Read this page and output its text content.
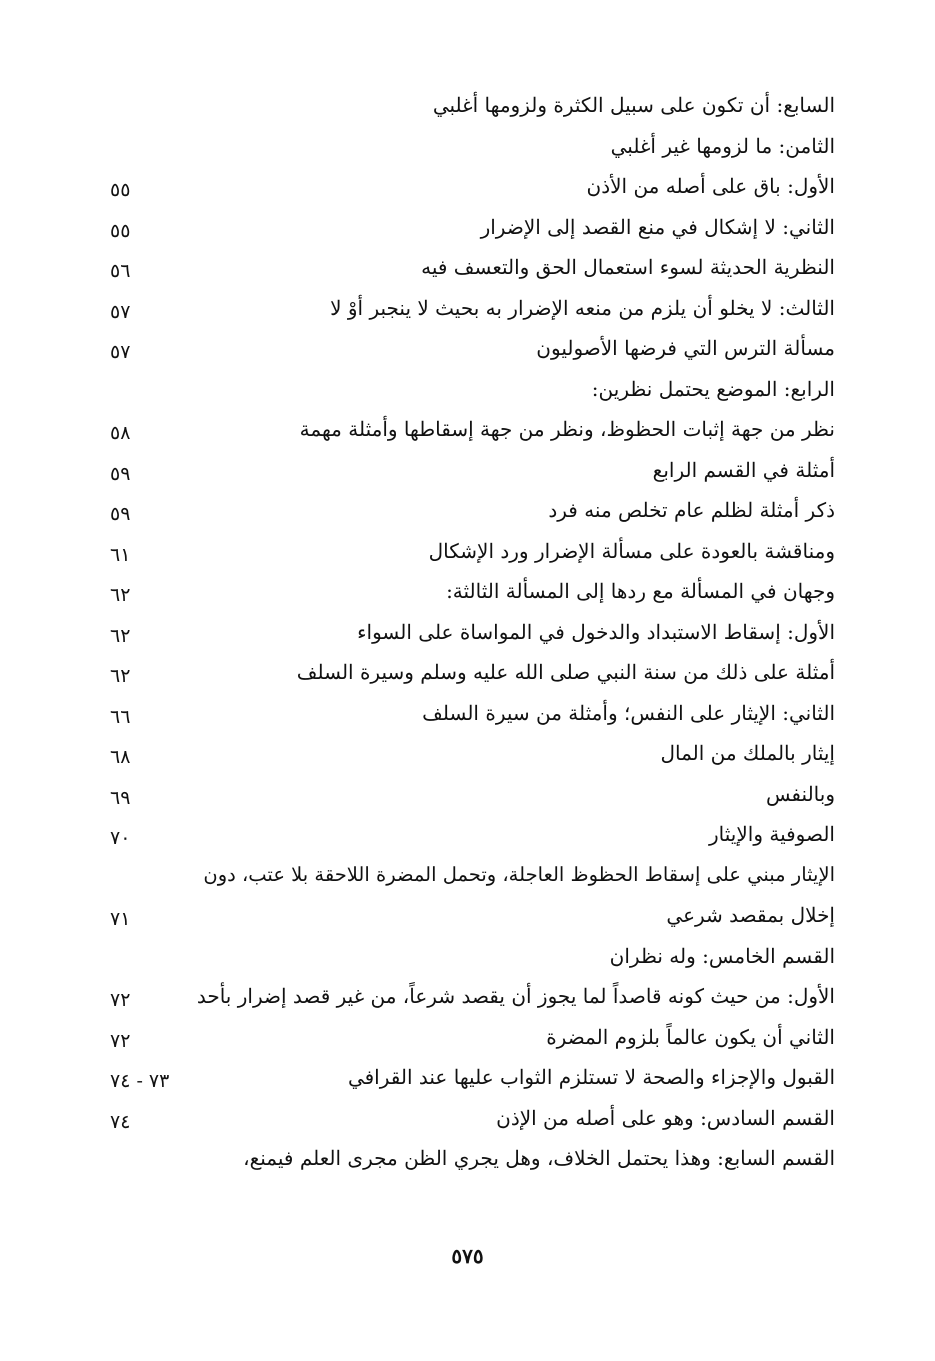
السابع: أن تكون على سبيل الكثرة ولزومها أغلبي
الثامن: ما لزومها غير أغلبي
الأول: باق على أصله من الأذن
٥٥
الثاني: لا إشكال في منع القصد إلى الإضرار
٥٥
النظرية الحديثة لسوء استعمال الحق والتعسف فيه
٥٦
الثالث: لا يخلو أن يلزم من منعه الإضرار به بحيث لا ينجبر أوْ لا
٥٧
مسألة الترس التي فرضها الأصوليون
٥٧
الرابع: الموضع يحتمل نظرين:
نظر من جهة إثبات الحظوظ، ونظر من جهة إسقاطها وأمثلة مهمة
٥٨
أمثلة في القسم الرابع
٥٩
ذكر أمثلة لظلم عام تخلص منه فرد
٥٩
ومناقشة بالعودة على مسألة الإضرار ورد الإشكال
٦١
وجهان في المسألة مع ردها إلى المسألة الثالثة:
٦٢
الأول: إسقاط الاستبداد والدخول في المواساة على السواء
٦٢
أمثلة على ذلك من سنة النبي صلى الله عليه وسلم وسيرة السلف
٦٢
الثاني: الإيثار على النفس؛ وأمثلة من سيرة السلف
٦٦
إيثار بالملك من المال
٦٨
وبالنفس
٦٩
الصوفية والإيثار
٧٠
الإيثار مبني على إسقاط الحظوظ العاجلة، وتحمل المضرة اللاحقة بلا عتب، دون
إخلال بمقصد شرعي
٧١
القسم الخامس: وله نظران
الأول: من حيث كونه قاصداً لما يجوز أن يقصد شرعاً، من غير قصد إضرار بأحد
٧٢
الثاني أن يكون عالماً بلزوم المضرة
٧٢
القبول والإجزاء والصحة لا تستلزم الثواب عليها عند القرافي
٧٣ - ٧٤
القسم السادس: وهو على أصله من الإذن
٧٤
القسم السابع: وهذا يحتمل الخلاف، وهل يجري الظن مجرى العلم فيمنع،
٥٧٥
